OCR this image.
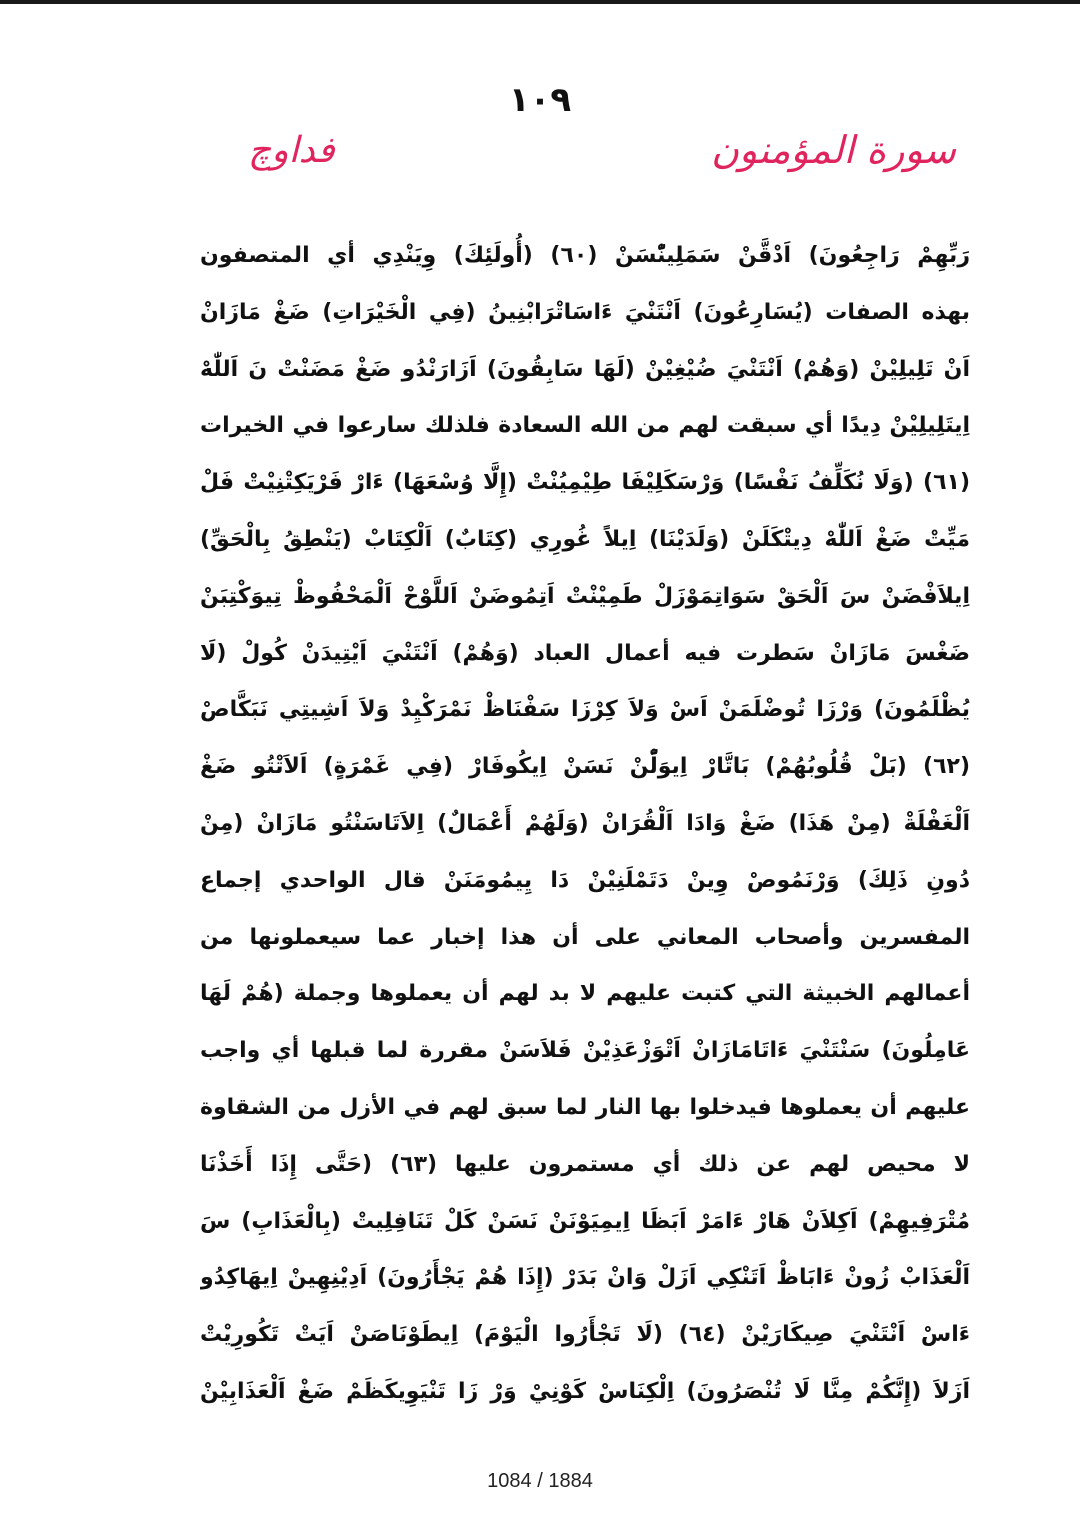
١٠٩
سورة المؤمنون
فداوچ
رَبِّهِمْ رَاجِعُونَ) اَدْقَّنْ سَمَلِينّْسَنْ (٦٠) (أُولَئِكَ) وِيَنْدِي أي المتصفون
بهذه الصفات (يُسَارِعُونَ) اَنْتَنْيَ ءَاسَاتْرَابْنِينُ (فِي الْخَيْرَاتِ) ضَغْ مَازَانْ
اَنْ تَلِيلِيْنْ (وَهُمْ) اَنْتَنْيَ ضُيْغِيْنْ (لَهَا سَابِقُونَ) اَزَارَنْدُو ضَغْ مَضَنْتْ نَ اَللّٰهْ
اِيتَلِيلِيْنْ دِيدًا أي سبقت لهم من الله السعادة فلذلك سارعوا في الخيرات
(٦١) (وَلَا نُكَلِّفُ نَفْسًا) وَرْسَكَلِيْفَا طِيْمِيُنْتْ (إِلَّا وُسْعَهَا) ءَارْ فَرْيَكِتْنِيْتْ فَلْ
مَيِّتْ ضَغْ اَللّٰهْ دِيتْكَلَنْ (وَلَدَيْنَا) اِيلاً غُورِي (كِتَابٌ) اَلْكِتَابْ (يَنْطِقُ بِالْحَقِّ)
اِيلاَفْضَنْ سَ اَلْحَقْ سَوَاتِمَوْزَلْ طَمِيْنْتْ اَتِمُوضَنْ اَللَّوْحْ اَلْمَحْفُوظْ تِيوَكْتِبَنْ
ضَغْسَ مَازَانْ سَطرت فيه أعمال العباد (وَهُمْ) اَنْتَنْيَ اَيْتِيدَنْ كُولْ (لَا
يُظْلَمُونَ) وَرْزَا تُوضْلَمَنْ اَسْ وَلاَ كِرْزَا سَفْنَاظْ نَمْرَكْيِدْ وَلاَ اَشِيتِي نَبَكَّاصْ
(٦٢) (بَلْ قُلُوبُهُمْ) بَاتَّارْ اِيوَلّْنْ نَسَنْ اِيكُوفَارْ (فِي غَمْرَةٍ) اَلاَتْتُو ضَغْ
اَلْغَفْلَةْ (مِنْ هَذَا) ضَغْ وَادَا اَلْقُرَانْ (وَلَهُمْ أَعْمَالٌ) اِلاَتَاسَنْتُو مَازَانْ (مِنْ
دُونِ ذَلِكَ) وَرْنَمُوصْ وِينْ دَتَمْلَنِيْنْ دَا يِيمُومَنَنْ قال الواحدي إجماع
المفسرين وأصحاب المعاني على أن هذا إخبار عما سيعملونها من
أعمالهم الخبيثة التي كتبت عليهم لا بد لهم أن يعملوها وجملة (هُمْ لَهَا
عَامِلُونَ) سَنْتَنْيَ ءَاتَامَازَانْ اَتْوَزْعَذِيْنْ فَلاَسَنْ مقررة لما قبلها أي واجب
عليهم أن يعملوها فيدخلوا بها النار لما سبق لهم في الأزل من الشقاوة
لا محيص لهم عن ذلك أي مستمرون عليها (٦٣) (حَتَّى إِذَا أَخَذْنَا
مُتْرَفِيهِمْ) اَكِلاَنْ هَارْ ءَامَرْ اَبَظَا اِيمِيَوْنَنْ نَسَنْ كَلْ تَنَافِلِيتْ (بِالْعَذَابِ) سَ
اَلْعَذَابْ زُونْ ءَابَاظْ اَتَنْكِي اَزَلْ وَانْ بَدَرْ (إِذَا هُمْ يَجْأَرُونَ) اَدِيْنِهِينْ اِيهَاكِدُو
ءَاسْ اَنْتَنْيَ صِيكَارَيْنْ (٦٤) (لَا تَجْأَرُوا الْيَوْمَ) اِيطَوْنَاصَنْ اَيَتْ تَكُورِيْتْ
اَزَلاَ (إِنَّكُمْ مِنَّا لَا تُنْصَرُونَ) اِلْكِنَاسْ كَوْنِيْ وَرْ زَا تَنْيَوِيكَظَمْ ضَغْ اَلْعَذَابِيْنْ
1084 / 1884
